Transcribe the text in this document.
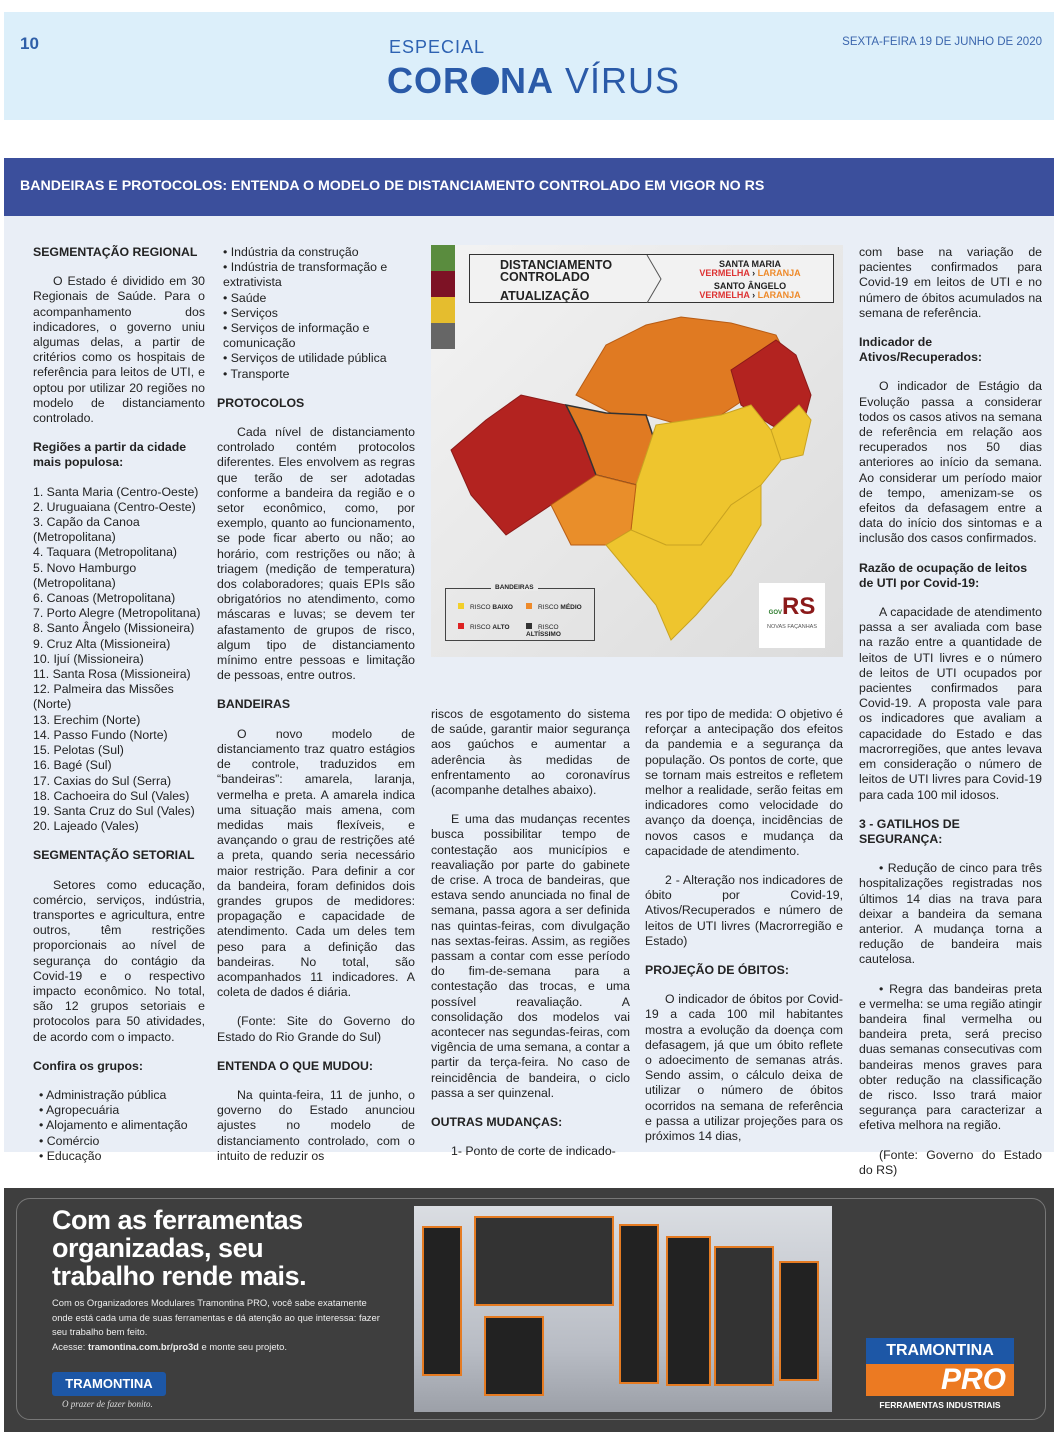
10	ESPECIAL
COR NA VÍRUS
SEXTA-FEIRA 19 DE JUNHO DE 2020
BANDEIRAS E PROTOCOLOS: ENTENDA O MODELO DE DISTANCIAMENTO CONTROLADO EM VIGOR NO RS
DISTANCIAMENTO
CONTROLADO
ATUALIZAÇÃO
SANTA MARIA
VERMELHA › LARANJA
SANTO ÂNGELO
VERMELHA › LARANJA
BANDEIRAS
RISCO BAIXO	RISCO MÉDIO
RISCO ALTO	RISCO ALTÍSSIMO
GOVRS
NOVAS FAÇANHAS
Com as ferramentas
organizadas, seu
trabalho rende mais.
Com os Organizadores Modulares Tramontina PRO, você sabe exatamente onde está cada uma de suas ferramentas e dá atenção ao que interessa: fazer seu trabalho bem feito.
Acesse: tramontina.com.br/pro3d e monte seu projeto.
TRAMONTINA
O prazer de fazer bonito.
TRAMONTINA
PRO
FERRAMENTAS INDUSTRIAIS
SEGMENTAÇÃO REGIONAL
O Estado é dividido em 30 Regionais de Saúde. Para o acompanhamento dos indicadores, o governo uniu algumas delas, a partir de critérios como os hospitais de referência para leitos de UTI, e optou por utilizar 20 regiões no modelo de distanciamento controlado.
Regiões a partir da cidade mais populosa:
1. Santa Maria (Centro-Oeste)
2. Uruguaiana (Centro-Oeste)
3. Capão da Canoa (Metropolitana)
4. Taquara (Metropolitana)
5. Novo Hamburgo (Metropolitana)
6. Canoas (Metropolitana)
7. Porto Alegre (Metropolitana)
8. Santo Ângelo (Missioneira)
9. Cruz Alta (Missioneira)
10. Ijuí (Missioneira)
11. Santa Rosa (Missioneira)
12. Palmeira das Missões (Norte)
13. Erechim (Norte)
14. Passo Fundo (Norte)
15. Pelotas (Sul)
16. Bagé (Sul)
17. Caxias do Sul (Serra)
18. Cachoeira do Sul (Vales)
19. Santa Cruz do Sul (Vales)
20. Lajeado (Vales)
SEGMENTAÇÃO SETORIAL
Setores como educação, comércio, serviços, indústria, transportes e agricultura, entre outros, têm restrições proporcionais ao nível de segurança do contágio da Covid-19 e o respectivo impacto econômico. No total, são 12 grupos setoriais e protocolos para 50 atividades, de acordo com o impacto.
Confira os grupos:
• Administração pública
• Agropecuária
• Alojamento e alimentação
• Comércio
• Educação
• Indústria da construção
• Indústria de transformação e extrativista
• Saúde
• Serviços
• Serviços de informação e comunicação
• Serviços de utilidade pública
• Transporte
PROTOCOLOS
Cada nível de distanciamento controlado contém protocolos diferentes. Eles envolvem as regras que terão de ser adotadas conforme a bandeira da região e o setor econômico, como, por exemplo, quanto ao funcionamento, se pode ficar aberto ou não; ao horário, com restrições ou não; à triagem (medição de temperatura) dos colaboradores; quais EPIs são obrigatórios no atendimento, como máscaras e luvas; se devem ter afastamento de grupos de risco, algum tipo de distanciamento mínimo entre pessoas e limitação de pessoas, entre outros.
BANDEIRAS
O novo modelo de distanciamento traz quatro estágios de controle, traduzidos em “bandeiras”: amarela, laranja, vermelha e preta. A amarela indica uma situação mais amena, com medidas mais flexíveis, e avançando o grau de restrições até a preta, quando seria necessário maior restrição. Para definir a cor da bandeira, foram definidos dois grandes grupos de medidores: propagação e capacidade de atendimento. Cada um deles tem peso para a definição das bandeiras. No total, são acompanhados 11 indicadores. A coleta de dados é diária.
(Fonte: Site do Governo do Estado do Rio Grande do Sul)
ENTENDA O QUE MUDOU:
Na quinta-feira, 11 de junho, o governo do Estado anunciou ajustes no modelo de distanciamento controlado, com o intuito de reduzir os
riscos de esgotamento do sistema de saúde, garantir maior segurança aos gaúchos e aumentar a aderência às medidas de enfrentamento ao coronavírus (acompanhe detalhes abaixo).
E uma das mudanças recentes busca possibilitar tempo de contestação aos municípios e reavaliação por parte do gabinete de crise. A troca de bandeiras, que estava sendo anunciada no final de semana, passa agora a ser definida nas quintas-feiras, com divulgação nas sextas-feiras. Assim, as regiões passam a contar com esse período do fim-de-semana para a contestação das trocas, e uma possível reavaliação. A consolidação dos modelos vai acontecer nas segundas-feiras, com vigência de uma semana, a contar a partir da terça-feira. No caso de reincidência de bandeira, o ciclo passa a ser quinzenal.
OUTRAS MUDANÇAS:
1- Ponto de corte de indicado-
res por tipo de medida: O objetivo é reforçar a antecipação dos efeitos da pandemia e a segurança da população. Os pontos de corte, que se tornam mais estreitos e refletem melhor a realidade, serão feitas em indicadores como velocidade do avanço da doença, incidências de novos casos e mudança da capacidade de atendimento.
2 - Alteração nos indicadores de óbito por Covid-19, Ativos/Recuperados e número de leitos de UTI livres (Macrorregião e Estado)
PROJEÇÃO DE ÓBITOS:
O indicador de óbitos por Covid-19 a cada 100 mil habitantes mostra a evolução da doença com defasagem, já que um óbito reflete o adoecimento de semanas atrás. Sendo assim, o cálculo deixa de utilizar o número de óbitos ocorridos na semana de referência e passa a utilizar projeções para os próximos 14 dias,
com base na variação de pacientes confirmados para Covid-19 em leitos de UTI e no número de óbitos acumulados na semana de referência.
Indicador de Ativos/Recuperados:
O indicador de Estágio da Evolução passa a considerar todos os casos ativos na semana de referência em relação aos recuperados nos 50 dias anteriores ao início da semana. Ao considerar um período maior de tempo, amenizam-se os efeitos da defasagem entre a data do início dos sintomas e a inclusão dos casos confirmados.
Razão de ocupação de leitos de UTI por Covid-19:
A capacidade de atendimento passa a ser avaliada com base na razão entre a quantidade de leitos de UTI livres e o número de leitos de UTI ocupados por pacientes confirmados para Covid-19. A proposta vale para os indicadores que avaliam a capacidade do Estado e das macrorregiões, que antes levava em consideração o número de leitos de UTI livres para Covid-19 para cada 100 mil idosos.
3 - GATILHOS DE SEGURANÇA:
• Redução de cinco para três hospitalizações registradas nos últimos 14 dias na trava para deixar a bandeira da semana anterior. A mudança torna a redução de bandeira mais cautelosa.
• Regra das bandeiras preta e vermelha: se uma região atingir bandeira final vermelha ou bandeira preta, será preciso duas semanas consecutivas com bandeiras menos graves para obter redução na classificação de risco. Isso trará maior segurança para caracterizar a efetiva melhora na região.
(Fonte: Governo do Estado do RS)
